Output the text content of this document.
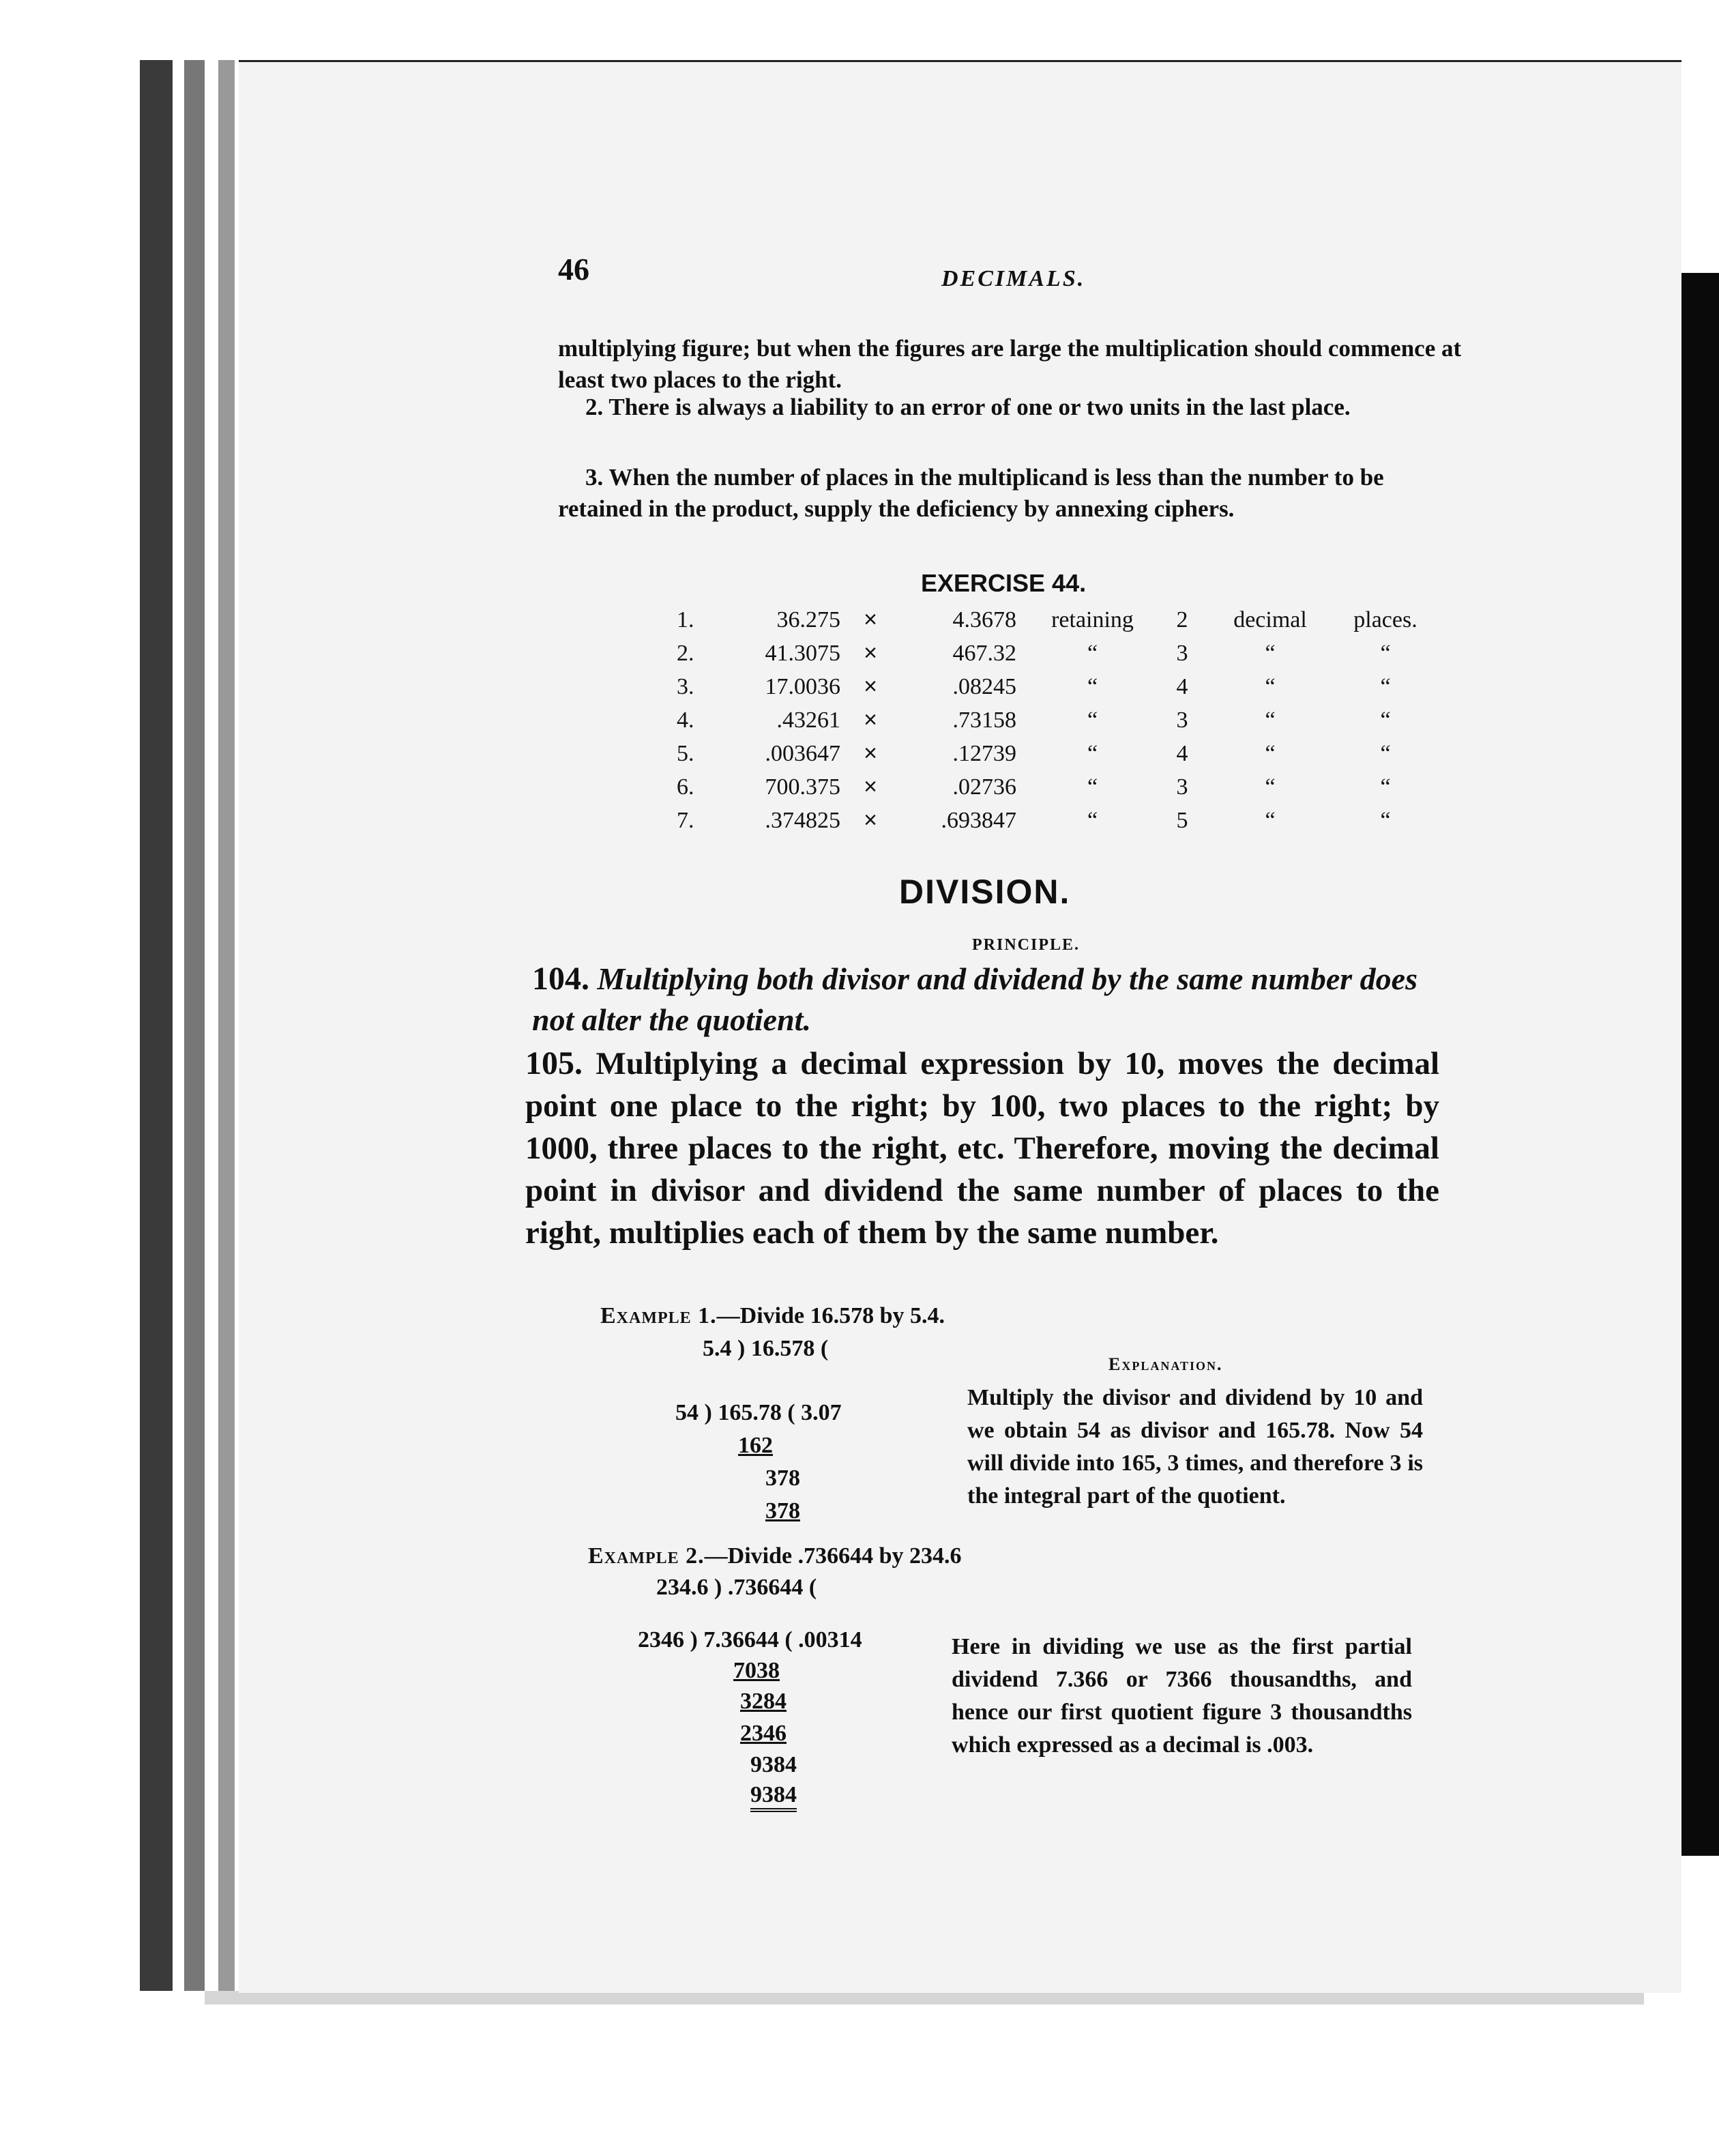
46	DECIMALS.
multiplying figure; but when the figures are large the multiplication should commence at least two places to the right.
2. There is always a liability to an error of one or two units in the last place.
3. When the number of places in the multiplicand is less than the number to be retained in the product, supply the deficiency by annexing ciphers.
EXERCISE 44.
1.	36.275	×	4.3678	retaining	2	decimal	places.
2.	41.3075	×	467.32	“	3	“	“
3.	17.0036	×	.08245	“	4	“	“
4.	.43261	×	.73158	“	3	“	“
5.	.003647	×	.12739	“	4	“	“
6.	700.375	×	.02736	“	3	“	“
7.	.374825	×	.693847	“	5	“	“
DIVISION.
PRINCIPLE.
104. Multiplying both divisor and dividend by the same number does not alter the quotient.
105. Multiplying a decimal expression by 10, moves the decimal point one place to the right; by 100, two places to the right; by 1000, three places to the right, etc. Therefore, moving the decimal point in divisor and dividend the same number of places to the right, multiplies each of them by the same number.
Example 1.—Divide 16.578 by 5.4.
5.4 ) 16.578 (
54 ) 165.78 ( 3.07
162
378
378
Explanation.
Multiply the divisor and dividend by 10 and we obtain 54 as divisor and 165.78. Now 54 will divide into 165, 3 times, and therefore 3 is the integral part of the quotient.
Example 2.—Divide .736644 by 234.6
234.6 ) .736644 (
2346 ) 7.36644 ( .00314
7038
3284
2346
9384
9384
Here in dividing we use as the first partial dividend 7.366 or 7366 thousandths, and hence our first quotient figure 3 thousandths which expressed as a decimal is .003.
